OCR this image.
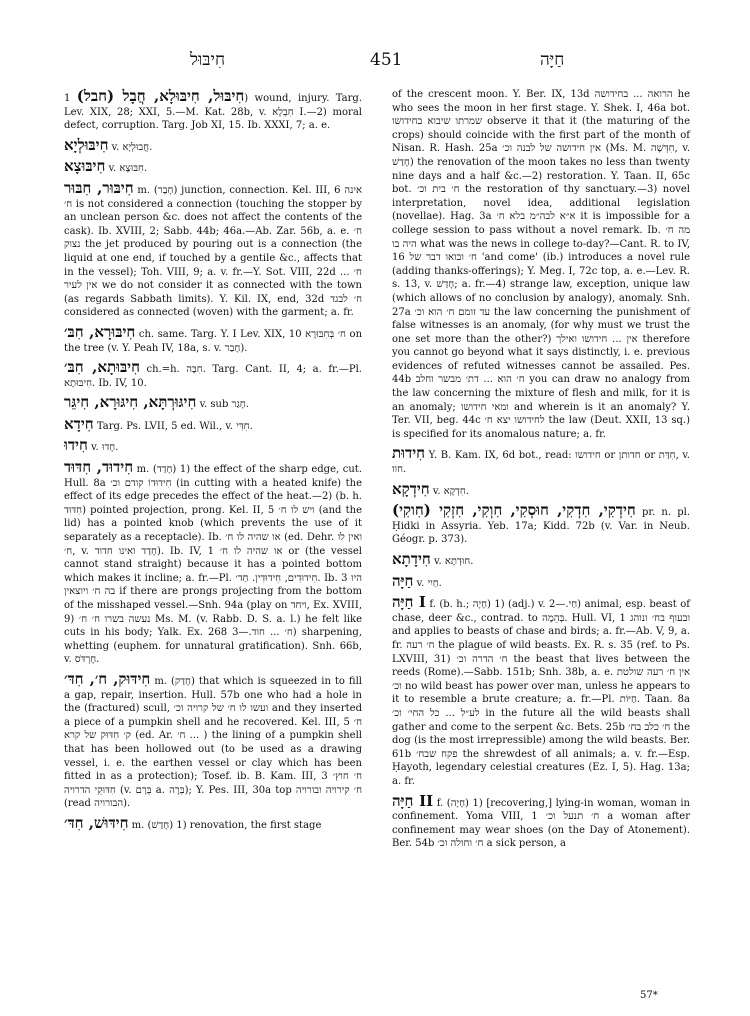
חִיבּוּל	451	חַיָּה

חִיבּוּל, חִיבּוּלָא, חֲבָל (חבל) 1) wound, injury. Targ. Lev. XIX, 28; XXI, 5.—M. Kat. 28b, v. חִבְלָא I.—2) moral defect, corruption. Targ. Job XI, 15. Ib. XXXI, 7; a. e.

חִיבּוּלְיָא v. חֲבוּלְיָא.

חִיבּוּצָא v. חִבּוּצָא.

חִיבּוּר, חִבּוּר m. (חָבַר) junction, connection. Kel. III, 6 אינה ח׳ is not considered a connection (touching the stopper by an unclean person &c. does not affect the contents of the cask). Ib. XVIII, 2; Sabb. 44b; 46a.—Ab. Zar. 56b, a. e. ח׳ נצוק the jet produced by pouring out is a connection (the liquid at one end, if touched by a gentile &c., affects that in the vessel); Toh. VIII, 9; a. v. fr.—Y. Sot. VIII, 22d ח׳ ... אין לעיר we do not consider it as connected with the town (as regards Sabbath limits). Y. Kil. IX, end, 32d ח׳ לבגד considered as connected (woven) with the garment; a. fr.

חִיבּוּרָא, חִבּ׳ ch. same. Targ. Y. I Lev. XIX, 10 ח׳ בְּחִבּוּרָא on the tree (v. Y. Peah IV, 18a, s. v. חָבַר).

חִיבּוּתָא, חִבּ׳ ch.=h. חִבָּה. Targ. Cant. II, 4; a. fr.—Pl. חִיבּוּתָא. Ib. IV, 10.

חִיגּוּרְתָּא, חִיגּוּרָא, חִיגֵּר v. sub חָגַר.

חִידָא Targ. Ps. LVII, 5 ed. Wil., v. חִדִּי.

חִידוּ v. חֶדוּ.

חִידוּד, חִדּוּד m. (חָדַד) 1) the effect of the sharp edge, cut. Hull. 8a חִידוּדוֹ קודם וכ׳ (in cutting with a heated knife) the effect of its edge precedes the effect of the heat.—2) (b. h. חִדּוּד) pointed projection, prong. Kel. II, 5 ויש לו ח׳ (and the lid) has a pointed knob (which prevents the use of it separately as a receptacle). Ib. או שהיה לו ח׳ (ed. Dehr. ואין לו ח׳, v. חָדַד ואינו חדוד). Ib. IV, 1 או שהיה לו ח׳ or (the vessel cannot stand straight) because it has a pointed bottom which makes it incline; a. fr.—Pl. חִידוּדִים, חִידוּדִין. חַד׳. Ib. 3 היו בה ח׳ ויוצאין if there are prongs projecting from the bottom of the misshaped vessel.—Snh. 94a (play on ויחד, Ex. XVIII, 9) נעשה בשרו ח׳ ח׳ Ms. M. (v. Rabb. D. S. a. l.) he felt like cuts in his body; Yalk. Ex. 268 ח׳ ... חוד.—3) sharpening, whetting (euphem. for unnatural gratification). Snh. 66b, v. חֶרְדֹּס.

חִידּוּק, ח׳, חִדּ׳ m. (חָדַק) that which is squeezed in to fill a gap, repair, insertion. Hull. 57b one who had a hole in the (fractured) scull, ועשו לו ח׳ של קרויה וכ׳ and they inserted a piece of a pumpkin shell and he recovered. Kel. III, 5 ח׳ ק׳ חִדּוּק של קרא (ed. Ar. ח׳ ... ) the lining of a pumpkin shell that has been hollowed out (to be used as a drawing vessel, i. e. the earthen vessel or clay which has been fitted in as a protection); Tosef. ib. B. Kam. III, 3 ח׳ חוץ׳ חִדּוּקֵי הדרויה (v. בְּרָם a. בְּרָה); Y. Pes. III, 30a top ח׳ קירויה ובורויה (read הבורויה).

חִידּוּשׁ, חִדּ׳ m. (חָדַשׁ) 1) renovation, the first stage

of the crescent moon. Y. Ber. IX, 13d הרואה ... בחידושה he who sees the moon in her first stage. Y. Shek. I, 46a bot. שמרתו שיבוא בחידושו observe it that it (the maturing of the crops) should coincide with the first part of the month of Nisan. R. Hash. 25a אין חידושה של לבנה וכ׳ (Ms. M. חִדְּשָׁה, v. חָדַשׁ) the renovation of the moon takes no less than twenty nine days and a half &c.—2) restoration. Y. Taan. II, 65c bot. ח׳ בית וכ׳ the restoration of thy sanctuary.—3) novel interpretation, novel idea, additional legislation (novellae). Hag. 3a א״א לבה״מ בלא ח׳ it is impossible for a college session to pass without a novel remark. Ib. מה ח׳ היה בו what was the news in college to-day?—Cant. R. to IV, 16 ח׳ ובואו דבר של 'and come' (ib.) introduces a novel rule (adding thanks-offerings); Y. Meg. I, 72c top, a. e.—Lev. R. s. 13, v. חָדַשׁ; a. fr.—4) strange law, exception, unique law (which allows of no conclusion by analogy), anomaly. Snh. 27a עד זומם ח׳ הוא וכ׳ the law concerning the punishment of false witnesses is an anomaly, (for why must we trust the one set more than the other?) אין ... חידושו ואילך therefore you cannot go beyond what it says distinctly, i. e. previous evidences of refuted witnesses cannot be assailed. Pes. 44b ח׳ הוא ... דת׳ מבשר וחלב you can draw no analogy from the law concerning the mixture of flesh and milk, for it is an anomaly; ומאי חידושו and wherein is it an anomaly? Y. Ter. VII, beg. 44c לחידושו יצא ח׳ the law (Deut. XXII, 13 sq.) is specified for its anomalous nature; a. fr.

חִידוּת Y. B. Kam. IX, 6d bot., read: חידושו or חדותן or חִדַּת, v. חוו.

חִידְקָא v. חִדְקָא.

חִידְקִי, חִדְקִי, חוּסְקִי, חִוְקִי, חִזְקִי (חִוקִי) pr. n. pl. Ḥidki in Assyria. Yeb. 17a; Kidd. 72b (v. Var. in Neub. Géogr. p. 373).

חִידָתָא v. חוּדְתָא.

חַיָּה v. חַיִי.

חַיָּה I f. (b. h.; חָיָה) 1) (adj.) v. חַי.—2) animal, esp. beast of chase, deer &c., contrad. to בְּהֵמָה. Hull. VI, 1 ובעוף בח׳ ונוהג and applies to beasts of chase and birds; a. fr.—Ab. V, 9, a. fr. ח׳ רעה the plague of wild beasts. Ex. R. s. 35 (ref. to Ps. LXVIII, 31) ח׳ הדרה וכ׳ the beast that lives between the reeds (Rome).—Sabb. 151b; Snh. 38b, a. e. אין ח׳ רעה שולטת וכ׳ no wild beast has power over man, unless he appears to it to resemble a brute creature; a. fr.—Pl. חַיּוֹת. Taan. 8a לע״ל ... כל החי׳ וכ׳ in the future all the wild beasts shall gather and come to the serpent &c. Bets. 25b ח׳ כלב בח׳ the dog (is the most irrepressible) among the wild beasts. Ber. 61b פקח שבח׳ the shrewdest of all animals; a. v. fr.—Esp. Ḥayoth, legendary celestial creatures (Ez. I, 5). Hag. 13a; a. fr.

חַיָּה II f. (חָיָה) 1) [recovering,] lying-in woman, woman in confinement. Yoma VIII, 1 ח׳ תנעל וכ׳ a woman after confinement may wear shoes (on the Day of Atonement). Ber. 54b ח׳ וחולה וכ׳ a sick person, a

57*
